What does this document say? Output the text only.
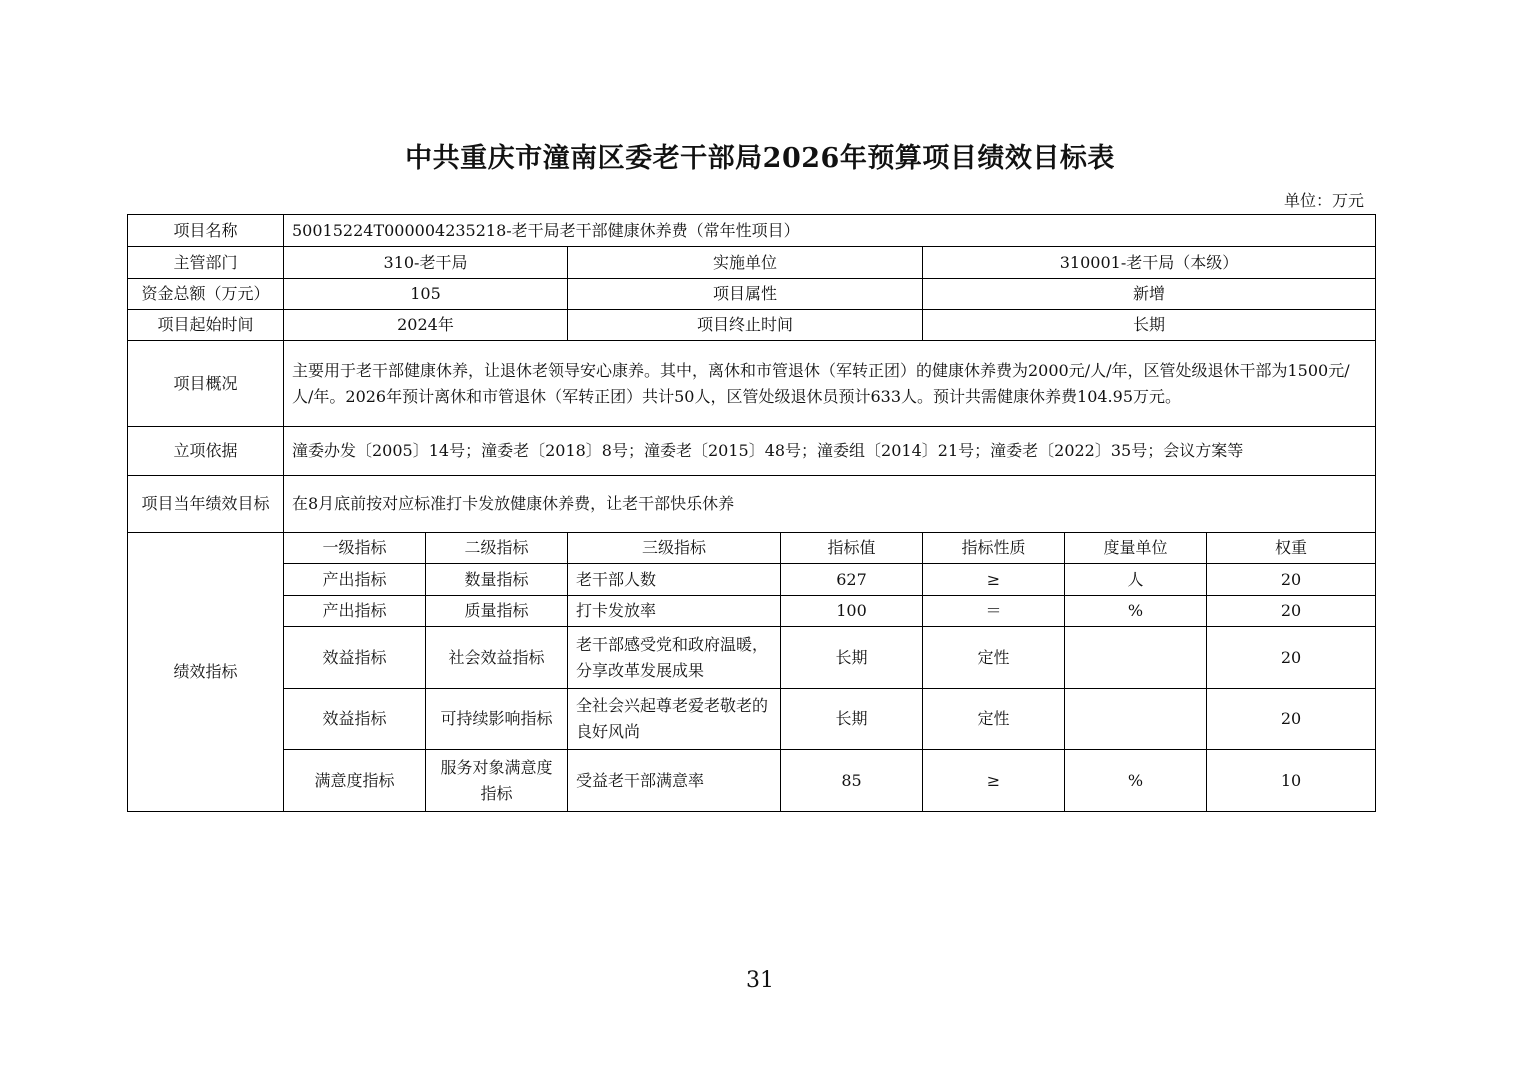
中共重庆市潼南区委老干部局2026年预算项目绩效目标表
单位：万元
项目名称	50015224T000004235218-老干局老干部健康休养费（常年性项目）						
主管部门	310-老干局		实施单位		310001-老干局（本级）		
资金总额（万元）	105		项目属性		新增		
项目起始时间	2024年		项目终止时间		长期		
项目概况	主要用于老干部健康休养，让退休老领导安心康养。其中，离休和市管退休（军转正团）的健康休养费为2000元/人/年，区管处级退休干部为1500元/人/年。2026年预计离休和市管退休（军转正团）共计50人，区管处级退休员预计633人。预计共需健康休养费104.95万元。						
立项依据	潼委办发〔2005〕14号；潼委老〔2018〕8号；潼委老〔2015〕48号；潼委组〔2014〕21号；潼委老〔2022〕35号；会议方案等						
项目当年绩效目标	在8月底前按对应标准打卡发放健康休养费，让老干部快乐休养						
绩效指标	一级指标	二级指标	三级指标	指标值	指标性质	度量单位	权重
	产出指标	数量指标	老干部人数	627	≥	人	20
	产出指标	质量指标	打卡发放率	100	＝	%	20
	效益指标	社会效益指标	老干部感受党和政府温暖，分享改革发展成果	长期	定性		20
	效益指标	可持续影响指标	全社会兴起尊老爱老敬老的良好风尚	长期	定性		20
	满意度指标	服务对象满意度指标	受益老干部满意率	85	≥	%	10
31
